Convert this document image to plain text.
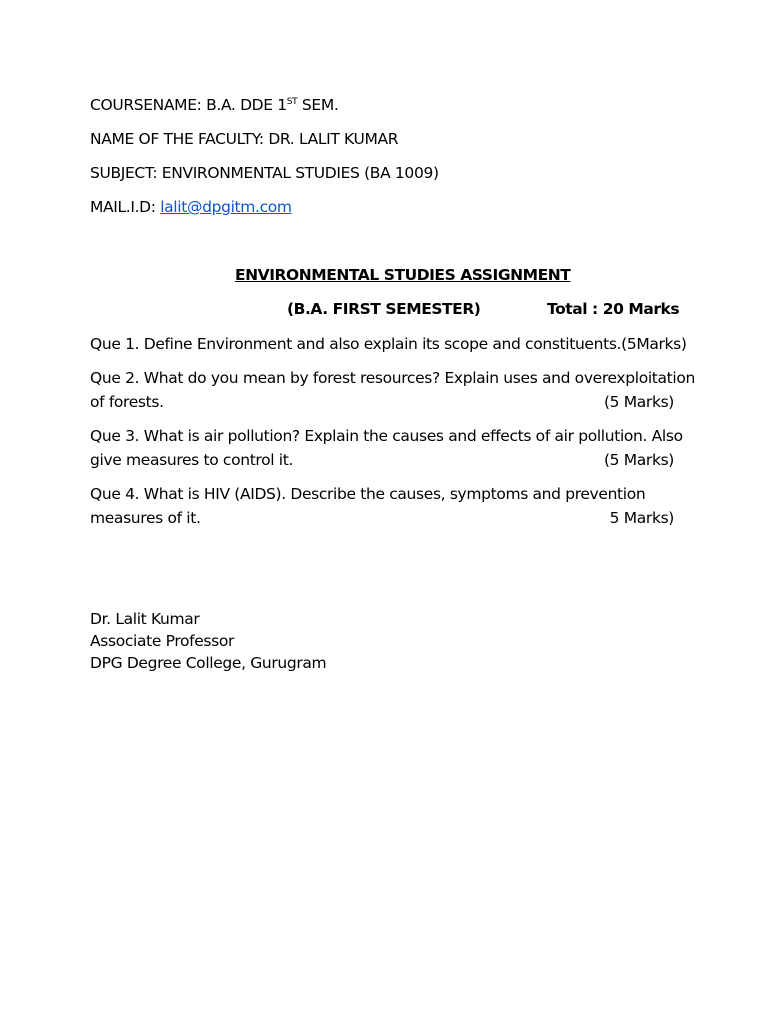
COURSENAME: B.A. DDE 1ST SEM.
NAME OF THE FACULTY: DR. LALIT KUMAR
SUBJECT: ENVIRONMENTAL STUDIES (BA 1009)
MAIL.I.D: lalit@dpgitm.com
ENVIRONMENTAL STUDIES ASSIGNMENT
(B.A. FIRST SEMESTER)	Total : 20 Marks
Que 1. Define Environment and also explain its scope and constituents. (5Marks)
Que 2. What do you mean by forest resources? Explain uses and overexploitation
of forests.	(5 Marks)
Que 3. What is air pollution? Explain the causes and effects of air pollution. Also
give measures to control it.	(5 Marks)
Que 4. What is HIV (AIDS). Describe the causes, symptoms and prevention
measures of it.	5 Marks)
Dr. Lalit Kumar
Associate Professor
DPG Degree College, Gurugram
